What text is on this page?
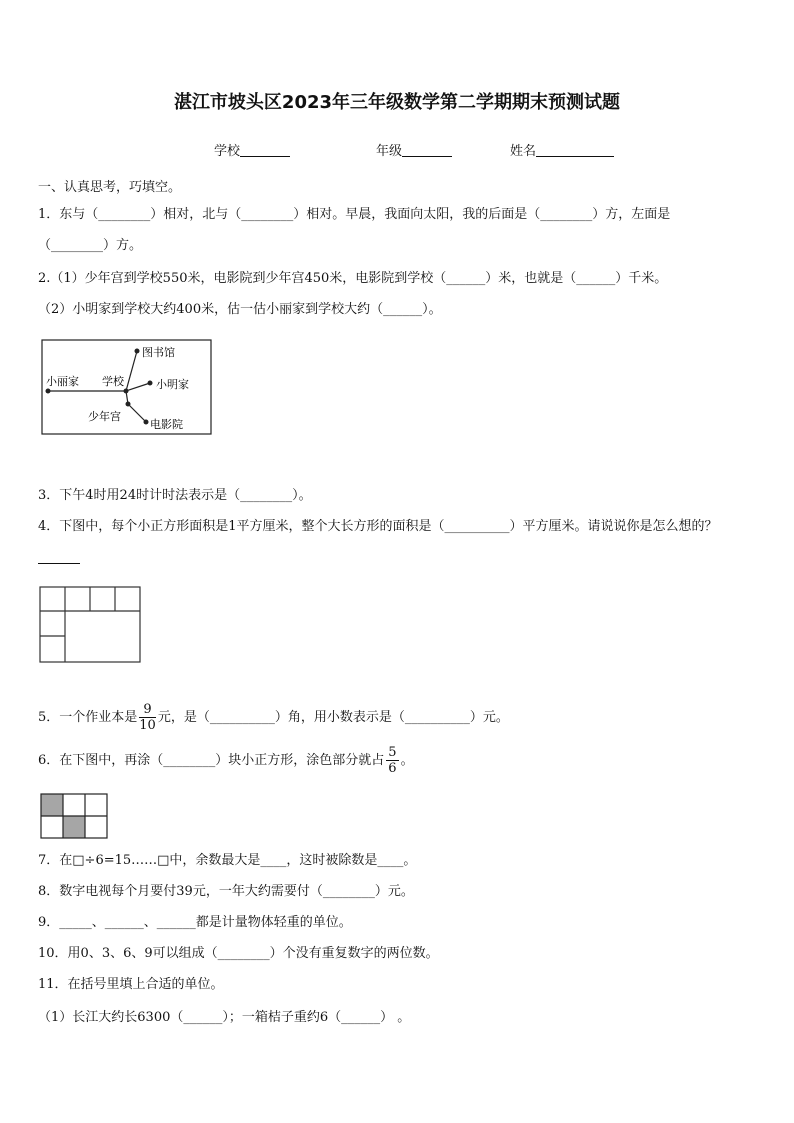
湛江市坡头区2023年三年级数学第二学期期末预测试题
学校	年级	姓名
一、认真思考，巧填空。
1．东与（________）相对，北与（________）相对。早晨，我面向太阳，我的后面是（________）方，左面是
（________）方。
2.（1）少年宫到学校550米，电影院到少年宫450米，电影院到学校（______）米，也就是（______）千米。
（2）小明家到学校大约400米，估一估小丽家到学校大约（______）。
图书馆
小丽家 学校	小明家
少年宫
电影院
3．下午4时用24时计时法表示是（________）。
4．下图中，每个小正方形面积是1平方厘米，整个大长方形的面积是（__________）平方厘米。请说说你是怎么想的？
5．一个作业本是 $\frac{9}{10}$ 元，是（__________）角，用小数表示是（__________）元。
6．在下图中，再涂（________）块小正方形，涂色部分就占 $\frac{5}{6}$ 。
7．在□÷6=15……□中，余数最大是____，这时被除数是____。
8．数字电视每个月要付39元，一年大约需要付（________）元。
9．_____、______、______都是计量物体轻重的单位。
10．用0、3、6、9可以组成（________）个没有重复数字的两位数。
11．在括号里填上合适的单位。
（1）长江大约长6300（______）；一箱桔子重约6（______） 。
